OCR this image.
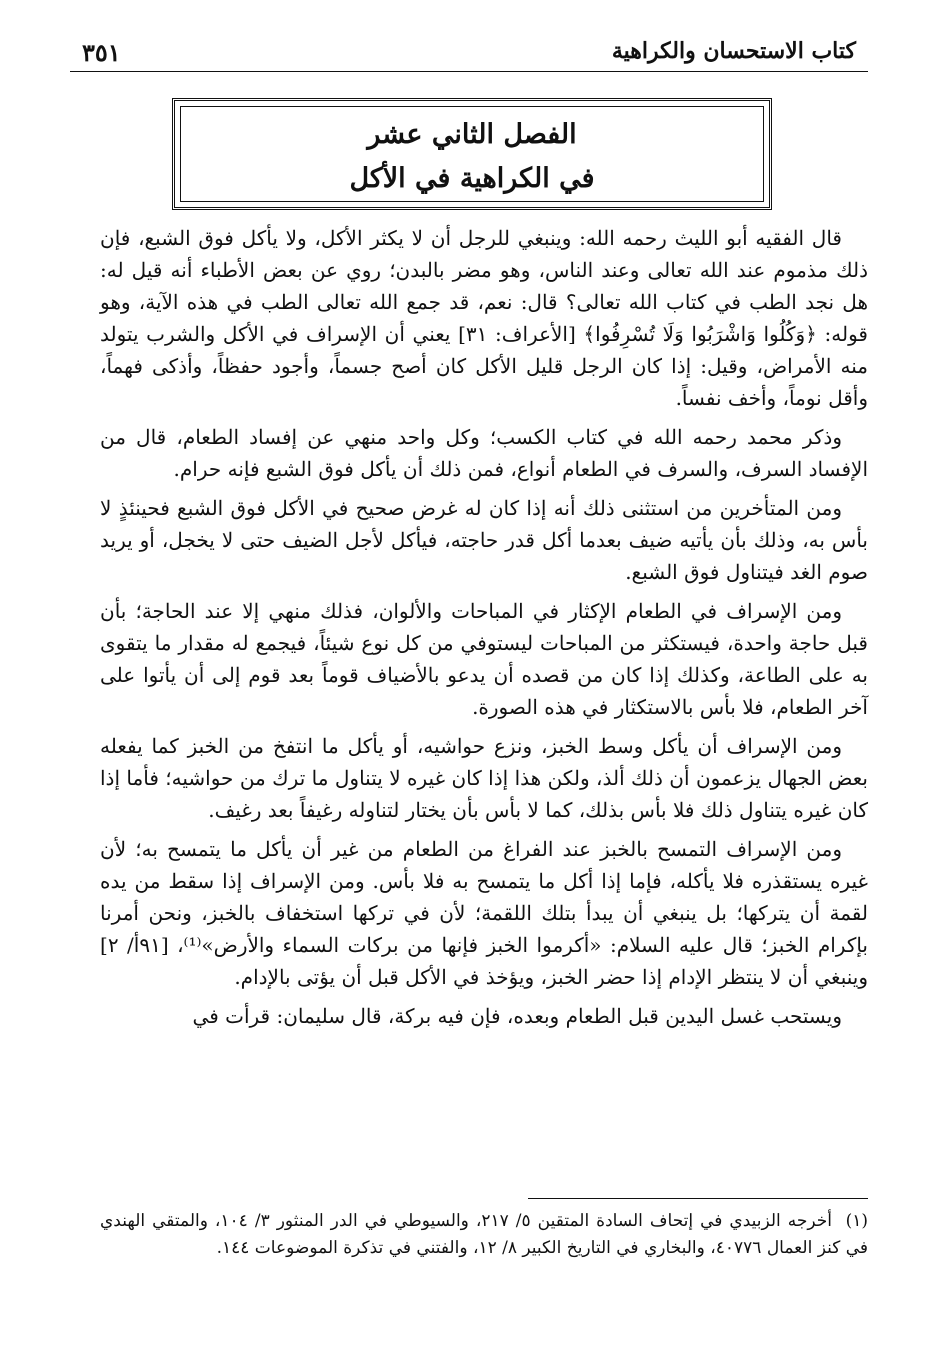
كتاب الاستحسان والكراهية
٣٥١
الفصل الثاني عشر
في الكراهية في الأكل

قال الفقيه أبو الليث رحمه الله: وينبغي للرجل أن لا يكثر الأكل، ولا يأكل فوق الشبع، فإن ذلك مذموم عند الله تعالى وعند الناس، وهو مضر بالبدن؛ روي عن بعض الأطباء أنه قيل له: هل نجد الطب في كتاب الله تعالى؟ قال: نعم، قد جمع الله تعالى الطب في هذه الآية، وهو قوله: ﴿وَكُلُوا وَاشْرَبُوا وَلَا تُسْرِفُوا﴾ [الأعراف: ٣١] يعني أن الإسراف في الأكل والشرب يتولد منه الأمراض، وقيل: إذا كان الرجل قليل الأكل كان أصح جسماً، وأجود حفظاً، وأذكى فهماً، وأقل نوماً، وأخف نفساً.

وذكر محمد رحمه الله في كتاب الكسب؛ وكل واحد منهي عن إفساد الطعام، قال من الإفساد السرف، والسرف في الطعام أنواع، فمن ذلك أن يأكل فوق الشبع فإنه حرام.

ومن المتأخرين من استثنى ذلك أنه إذا كان له غرض صحيح في الأكل فوق الشبع فحينئذٍ لا بأس به، وذلك بأن يأتيه ضيف بعدما أكل قدر حاجته، فيأكل لأجل الضيف حتى لا يخجل، أو يريد صوم الغد فيتناول فوق الشبع.

ومن الإسراف في الطعام الإكثار في المباحات والألوان، فذلك منهي إلا عند الحاجة؛ بأن قبل حاجة واحدة، فيستكثر من المباحات ليستوفي من كل نوع شيئاً، فيجمع له مقدار ما يتقوى به على الطاعة، وكذلك إذا كان من قصده أن يدعو بالأضياف قوماً بعد قوم إلى أن يأتوا على آخر الطعام، فلا بأس بالاستكثار في هذه الصورة.

ومن الإسراف أن يأكل وسط الخبز، ونزع حواشيه، أو يأكل ما انتفخ من الخبز كما يفعله بعض الجهال يزعمون أن ذلك ألذ، ولكن هذا إذا كان غيره لا يتناول ما ترك من حواشيه؛ فأما إذا كان غيره يتناول ذلك فلا بأس بذلك، كما لا بأس بأن يختار لتناوله رغيفاً بعد رغيف.

ومن الإسراف التمسح بالخبز عند الفراغ من الطعام من غير أن يأكل ما يتمسح به؛ لأن غيره يستقذره فلا يأكله، فإما إذا أكل ما يتمسح به فلا بأس. ومن الإسراف إذا سقط من يده لقمة أن يتركها؛ بل ينبغي أن يبدأ بتلك اللقمة؛ لأن في تركها استخفاف بالخبز، ونحن أمرنا بإكرام الخبز؛ قال عليه السلام: «أكرموا الخبز فإنها من بركات السماء والأرض»⁽¹⁾، [٩١أ/ ٢] وينبغي أن لا ينتظر الإدام إذا حضر الخبز، ويؤخذ في الأكل قبل أن يؤتى بالإدام.

ويستحب غسل اليدين قبل الطعام وبعده، فإن فيه بركة، قال سليمان: قرأت في

(١)أخرجه الزبيدي في إتحاف السادة المتقين ٥/ ٢١٧، والسيوطي في الدر المنثور ٣/ ١٠٤، والمتقي الهندي في كنز العمال ٤٠٧٧٦، والبخاري في التاريخ الكبير ٨/ ١٢، والفتني في تذكرة الموضوعات ١٤٤.
